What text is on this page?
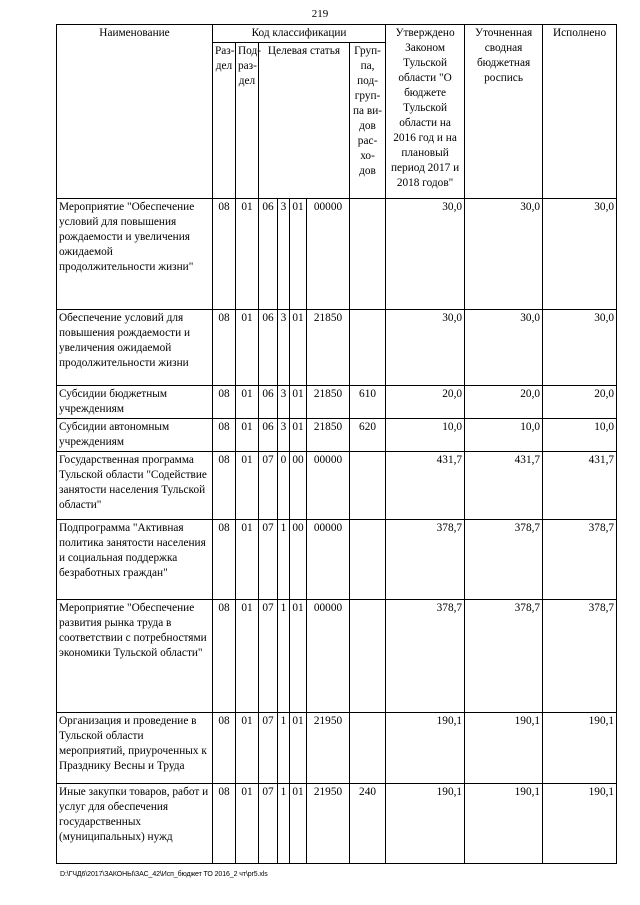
219
Наименование	Код классификации							Утверждено Законом Тульской области "О бюджете Тульской области на 2016 год и на плановый период 2017 и 2018 годов"	Уточненная сводная бюджетная роспись	Исполнено
	Раз-дел	Под-раз-дел	Целевая статья				Груп-па, под-груп-па ви-дов рас-хо-дов			
Мероприятие "Обеспечение условий для повышения рождаемости и увеличения ожидаемой продолжительности жизни"	08	01	06	3	01	00000		30,0	30,0	30,0
Обеспечение условий для повышения рождаемости и увеличения ожидаемой продолжительности жизни	08	01	06	3	01	21850		30,0	30,0	30,0
Субсидии бюджетным учреждениям	08	01	06	3	01	21850	610	20,0	20,0	20,0
Субсидии автономным учреждениям	08	01	06	3	01	21850	620	10,0	10,0	10,0
Государственная программа Тульской области "Содействие занятости населения Тульской области"	08	01	07	0	00	00000		431,7	431,7	431,7
Подпрограмма "Активная политика занятости населения и социальная поддержка безработных граждан"	08	01	07	1	00	00000		378,7	378,7	378,7
Мероприятие "Обеспечение развития рынка труда в соответствии с потребностями экономики Тульской области"	08	01	07	1	01	00000		378,7	378,7	378,7
Организация и проведение в Тульской области мероприятий, приуроченных к Празднику Весны и Труда	08	01	07	1	01	21950		190,1	190,1	190,1
Иные закупки товаров, работ и услуг для обеспечения государственных (муниципальных) нужд	08	01	07	1	01	21950	240	190,1	190,1	190,1
D:\ГЧД6\2017\ЗАКОНЫ\ЗАС_42\Исп_бюджет ТО 2016_2 чт\pr5.xls
